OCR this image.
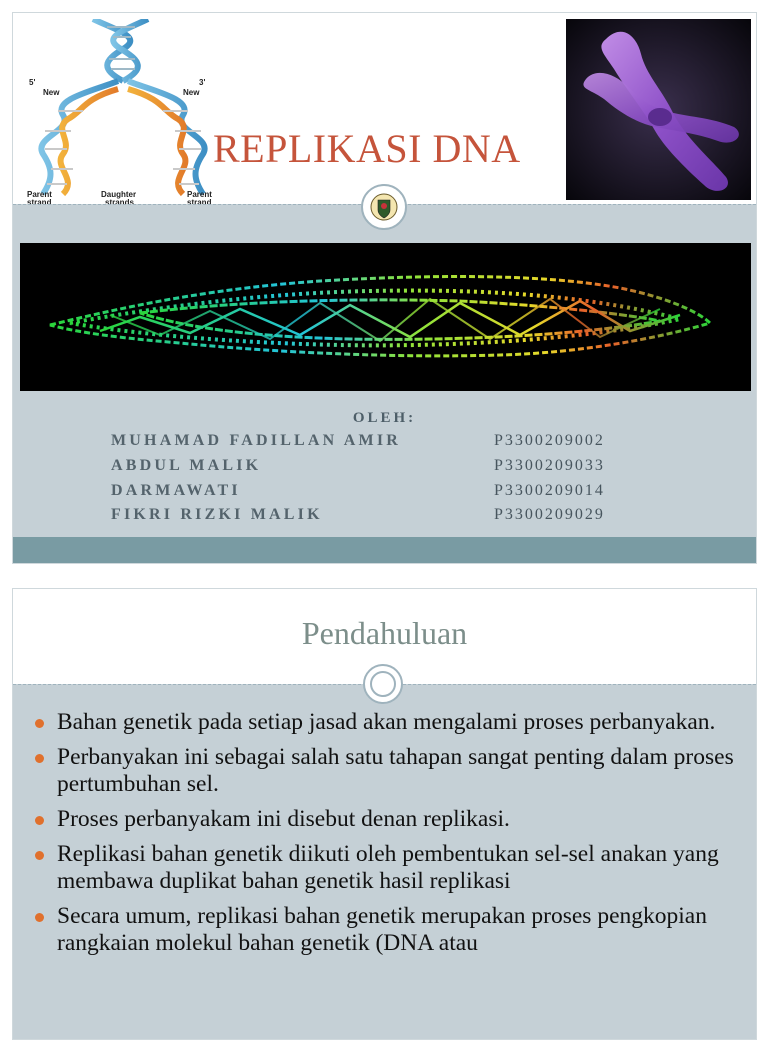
5'
New
3'
New
Parent
strand
Daughter
strands
Parent
strand
REPLIKASI DNA
OLEH:
MUHAMAD FADILLAN AMIR	P3300209002
ABDUL MALIK	P3300209033
DARMAWATI	P3300209014
FIKRI RIZKI MALIK	P3300209029
Pendahuluan
Bahan genetik pada setiap jasad akan mengalami proses perbanyakan.
Perbanyakan ini sebagai salah satu tahapan sangat penting dalam proses pertumbuhan sel.
Proses perbanyakam ini disebut denan replikasi.
Replikasi bahan genetik diikuti oleh pembentukan sel-sel anakan yang membawa duplikat bahan genetik hasil replikasi
Secara umum, replikasi bahan genetik merupakan proses pengkopian rangkaian molekul bahan genetik (DNA atau
